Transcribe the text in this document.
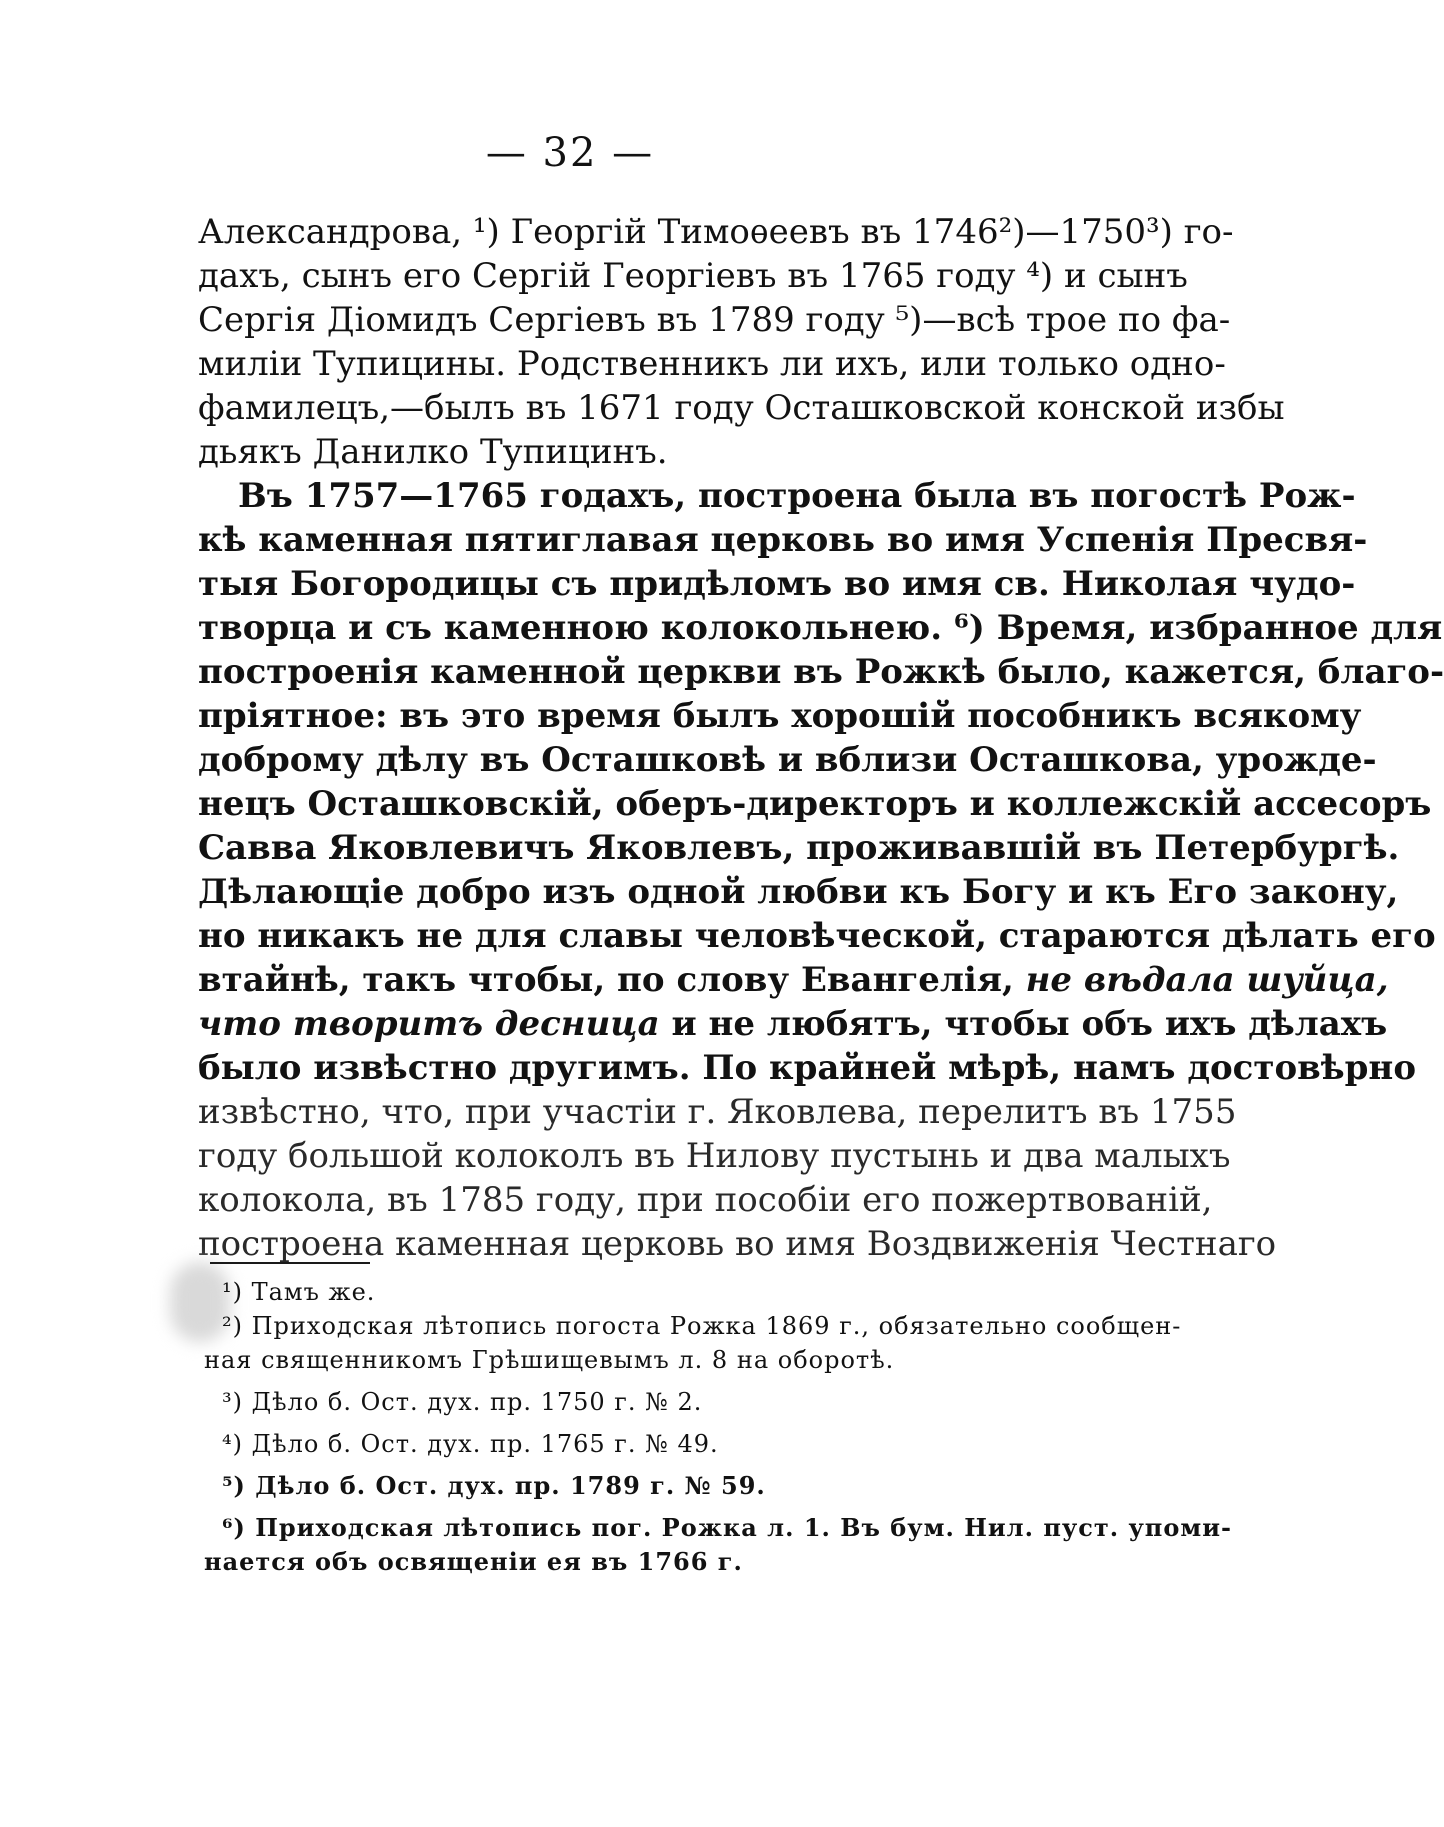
— 32 —
Александрова, ¹) Георгій Тимоѳеевъ въ 1746²)—1750³) го-
дахъ, сынъ его Сергій Георгіевъ въ 1765 году ⁴) и сынъ
Сергія Діомидъ Сергіевъ въ 1789 году ⁵)—всѣ трое по фа-
миліи Тупицины. Родственникъ ли ихъ, или только одно-
фамилецъ,—былъ въ 1671 году Осташковской конской избы
дьякъ Данилко Тупицинъ.
Въ 1757—1765 годахъ, построена была въ погостѣ Рож-
кѣ каменная пятиглавая церковь во имя Успенія Пресвя-
тыя Богородицы съ придѣломъ во имя св. Николая чудо-
творца и съ каменною колокольнею. ⁶) Время, избранное для
построенія каменной церкви въ Рожкѣ было, кажется, благо-
пріятное: въ это время былъ хорошій пособникъ всякому
доброму дѣлу въ Осташковѣ и вблизи Осташкова, урожде-
нецъ Осташковскій, оберъ-директоръ и коллежскій ассесоръ
Савва Яковлевичъ Яковлевъ, проживавшій въ Петербургѣ.
Дѣлающіе добро изъ одной любви къ Богу и къ Его закону,
но никакъ не для славы человѣческой, стараются дѣлать его
втайнѣ, такъ чтобы, по слову Евангелія, не вѣдала шуйца,
что творитъ десница и не любятъ, чтобы объ ихъ дѣлахъ
было извѣстно другимъ. По крайней мѣрѣ, намъ достовѣрно
извѣстно, что, при участіи г. Яковлева, перелитъ въ 1755
году большой колоколъ въ Нилову пустынь и два малыхъ
колокола, въ 1785 году, при пособіи его пожертвованій,
построена каменная церковь во имя Воздвиженія Честнаго
¹) Тамъ же.
²) Приходская лѣтопись погоста Рожка 1869 г., обязательно сообщен-
ная священникомъ Грѣшищевымъ л. 8 на оборотѣ.
³) Дѣло б. Ост. дух. пр. 1750 г. № 2.
⁴) Дѣло б. Ост. дух. пр. 1765 г. № 49.
⁵) Дѣло б. Ост. дух. пр. 1789 г. № 59.
⁶) Приходская лѣтопись пог. Рожка л. 1. Въ бум. Нил. пуст. упоми-
нается объ освященіи ея въ 1766 г.
